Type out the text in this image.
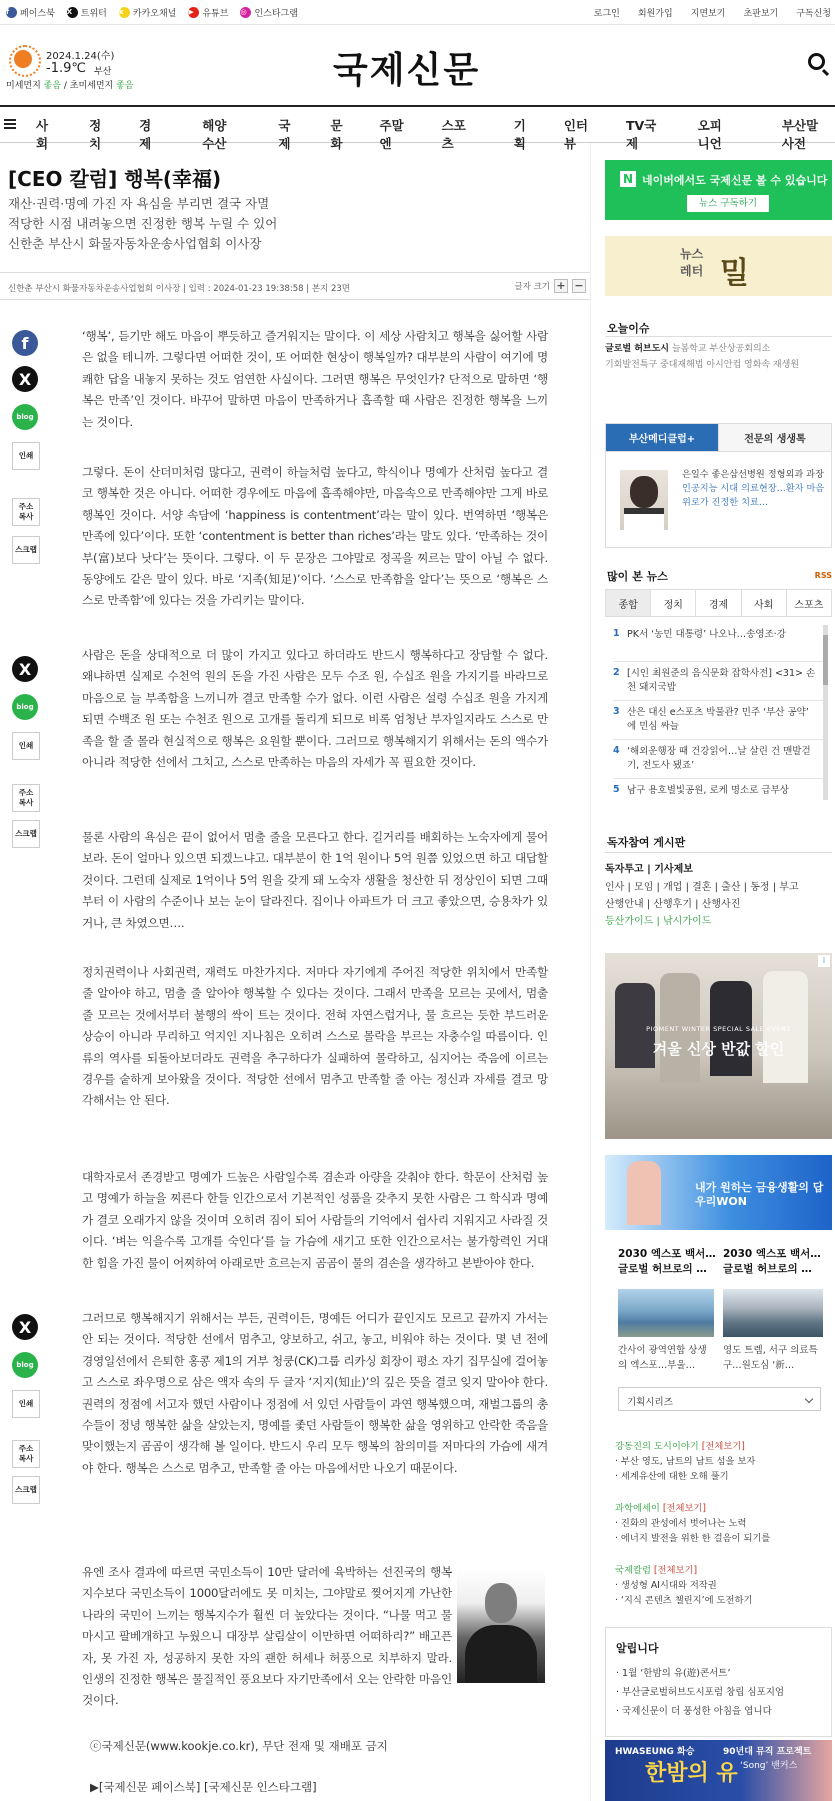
f	페이스북 X 트위터 k	카카오채널 ▶ 유튜브 ◎ 인스타그램	로그인 회원가입 지면보기 초판보기 구독신청
2024.1.24(수)
-1.9℃ 부산
미세먼지 좋음 / 초미세먼지 좋음	국제신문
사회
정치
경제
해양수산
국제
문화
주말엔
스포츠
기획
인터뷰
TV국제
오피니언
부산말사전
[CEO 칼럼] 행복(幸福)
재산·권력·명예 가진 자 욕심을 부리면 결국 자멸
적당한 시점 내려놓으면 진정한 행복 누릴 수 있어
신한춘 부산시 화물자동차운송사업협회 이사장
신한춘 부산시 화물자동차운송사업협회 이사장 | 입력 : 2024-01-23 19:38:58 | 본지 23면	글자 크기 + −
f
X
blog
인쇄
주소
복사
스크랩
X
blog
인쇄
주소
복사
스크랩
X
blog
인쇄
주소
복사
스크랩
‘행복’, 듣기만 해도 마음이 뿌듯하고 즐거워지는 말이다. 이 세상 사람치고 행복을 싫어할 사람은 없을 테니까. 그렇다면 어떠한 것이, 또 어떠한 현상이 행복일까? 대부분의 사람이 여기에 명쾌한 답을 내놓지 못하는 것도 엄연한 사실이다. 그러면 행복은 무엇인가? 단적으로 말하면 ‘행복은 만족’인 것이다. 바꾸어 말하면 마음이 만족하거나 흡족할 때 사람은 진정한 행복을 느끼는 것이다.
그렇다. 돈이 산더미처럼 많다고, 권력이 하늘처럼 높다고, 학식이나 명예가 산처럼 높다고 결코 행복한 것은 아니다. 어떠한 경우에도 마음에 흡족해야만, 마음속으로 만족해야만 그게 바로 행복인 것이다. 서양 속담에 ‘happiness is contentment’라는 말이 있다. 번역하면 ‘행복은 만족에 있다’이다. 또한 ‘contentment is better than riches’라는 말도 있다. ‘만족하는 것이 부(富)보다 낫다’는 뜻이다. 그렇다. 이 두 문장은 그야말로 정곡을 찌르는 말이 아닐 수 없다. 동양에도 같은 말이 있다. 바로 ‘지족(知足)’이다. ‘스스로 만족함을 알다’는 뜻으로 ‘행복은 스스로 만족함’에 있다는 것을 가리키는 말이다.
사람은 돈을 상대적으로 더 많이 가지고 있다고 하더라도 반드시 행복하다고 장담할 수 없다. 왜냐하면 실제로 수천억 원의 돈을 가진 사람은 모두 수조 원, 수십조 원을 가지기를 바라므로 마음으로 늘 부족함을 느끼니까 결코 만족할 수가 없다. 이런 사람은 설령 수십조 원을 가지게 되면 수백조 원 또는 수천조 원으로 고개를 돌리게 되므로 비록 엄청난 부자일지라도 스스로 만족을 할 줄 몰라 현실적으로 행복은 요원할 뿐이다. 그러므로 행복해지기 위해서는 돈의 액수가 아니라 적당한 선에서 그치고, 스스로 만족하는 마음의 자세가 꼭 필요한 것이다.
물론 사람의 욕심은 끝이 없어서 멈출 줄을 모른다고 한다. 길거리를 배회하는 노숙자에게 물어보라. 돈이 얼마나 있으면 되겠느냐고. 대부분이 한 1억 원이나 5억 원쯤 있었으면 하고 대답할 것이다. 그런데 실제로 1억이나 5억 원을 갖게 돼 노숙자 생활을 청산한 뒤 정상인이 되면 그때부터 이 사람의 수준이나 보는 눈이 달라진다. 집이나 아파트가 더 크고 좋았으면, 승용차가 있거나, 큰 차였으면….
정치권력이나 사회권력, 재력도 마찬가지다. 저마다 자기에게 주어진 적당한 위치에서 만족할 줄 알아야 하고, 멈출 줄 알아야 행복할 수 있다는 것이다. 그래서 만족을 모르는 곳에서, 멈출 줄 모르는 것에서부터 불행의 싹이 트는 것이다. 전혀 자연스럽거나, 물 흐르는 듯한 부드러운 상승이 아니라 무리하고 억지인 지나침은 오히려 스스로 몰락을 부르는 자충수일 따름이다. 인류의 역사를 되돌아보더라도 권력을 추구하다가 실패하여 몰락하고, 심지어는 죽음에 이르는 경우를 숱하게 보아왔을 것이다. 적당한 선에서 멈추고 만족할 줄 아는 정신과 자세를 결코 망각해서는 안 된다.
대학자로서 존경받고 명예가 드높은 사람일수록 겸손과 아량을 갖춰야 한다. 학문이 산처럼 높고 명예가 하늘을 찌른다 한들 인간으로서 기본적인 성품을 갖추지 못한 사람은 그 학식과 명예가 결코 오래가지 않을 것이며 오히려 짐이 되어 사람들의 기억에서 쉽사리 지워지고 사라질 것이다. ‘벼는 익을수록 고개를 숙인다’를 늘 가슴에 새기고 또한 인간으로서는 불가항력인 거대한 힘을 가진 물이 어찌하여 아래로만 흐르는지 곰곰이 물의 겸손을 생각하고 본받아야 한다.
그러므로 행복해지기 위해서는 부든, 권력이든, 명예든 어디가 끝인지도 모르고 끝까지 가서는 안 되는 것이다. 적당한 선에서 멈추고, 양보하고, 쉬고, 놓고, 비워야 하는 것이다. 몇 년 전에 경영일선에서 은퇴한 홍콩 제1의 거부 청쿵(CK)그룹 리카싱 회장이 평소 자기 집무실에 걸어놓고 스스로 좌우명으로 삼은 액자 속의 두 글자 ‘지지(知止)’의 깊은 뜻을 결코 잊지 말아야 한다. 권력의 정점에 서고자 했던 사람이나 정점에 서 있던 사람들이 과연 행복했으며, 재벌그룹의 총수들이 정녕 행복한 삶을 살았는지, 명예를 좇던 사람들이 행복한 삶을 영위하고 안락한 죽음을 맞이했는지 곰곰이 생각해 볼 일이다. 반드시 우리 모두 행복의 참의미를 저마다의 가슴에 새겨야 한다. 행복은 스스로 멈추고, 만족할 줄 아는 마음에서만 나오기 때문이다.
유엔 조사 결과에 따르면 국민소득이 10만 달러에 육박하는 선진국의 행복지수보다 국민소득이 1000달러에도 못 미치는, 그야말로 찢어지게 가난한 나라의 국민이 느끼는 행복지수가 훨씬 더 높았다는 것이다. “나물 먹고 물 마시고 팔베개하고 누웠으니 대장부 살림살이 이만하면 어떠하리?” 배고픈 자, 못 가진 자, 성공하지 못한 자의 괜한 허세나 허풍으로 치부하지 말라. 인생의 진정한 행복은 물질적인 풍요보다 자기만족에서 오는 안락한 마음인 것이다.
ⓒ국제신문(www.kookje.co.kr), 무단 전재 및 재배포 금지
▶[국제신문 페이스북] [국제신문 인스타그램]
N 네이버에서도 국제신문 볼 수 있습니다
뉴스 구독하기
뉴스
레터 밀
오늘이슈
글로벌 허브도시 늘봄학교 부산상공회의소
기회발전특구 중대재해법 아시안컵 영화속 재생원
부산메디클럽+	전문의 생생톡
은일수 좋은삼선병원 정형외과 과장
인공지능 시대 의료현장…환자 마음 위로가 진정한 치료…
많이 본 뉴스	RSS
종합	정치	경제	사회	스포츠
1 PK서 ‘농민 대통령’ 나오나…송영조·강
2 [시인 최원준의 음식문화 잡학사전] <31> 손천 돼지국밥
3 산은 대신 e스포츠 박물관? 민주 ‘부산 공약’ 에 민심 싸늘
4 ‘해외운행장 때 건강읽어…날 살린 건 맨발걷기, 전도사 됐죠’
5 남구 용호별빛공원, 로케 명소로 급부상
독자참여 게시판
독자투고 | 기사제보
인사 | 모임 | 개업 | 결혼 | 출산 | 동정 | 부고
산행안내 | 산행후기 | 산행사진
등산가이드 | 낚시가이드
PIOMENT WINTER SPECIAL SALE EVENT
겨울 신상 반값 할인
i
내가 원하는 금융생활의 답
우리WON
2030 엑스포 백서…
글로벌 허브로의 …
간사이 광역연합 상생의 엑스포…부울…
2030 엑스포 백서…
글로벌 허브로의 …
영도 트렘, 서구 의료특구…원도심 ‘新…
기획시리즈
강동진의 도시이야기 [전체보기]
· 부산 영도, 남트의 남트 섬을 보자
· 세계유산에 대한 오해 풀기
과학에세이 [전체보기]
· 진화의 관성에서 벗어나는 노력
· 에너지 발전을 위한 한 걸음이 되기를
국제칼럼 [전체보기]
· 생성형 AI시대와 저작권
· ‘지식 콘텐츠 챌린지’에 도전하기
알립니다
· 1월 ‘한밤의 유(遊)콘서트’
· 부산글로벌허브도시포럼 창립 심포지엄
· 국제신문이 더 풍성한 아침을 엽니다
HWASEUNG 화승
한밤의 유
90년대 뮤직 프로젝트
‘Song’ 밴커스
